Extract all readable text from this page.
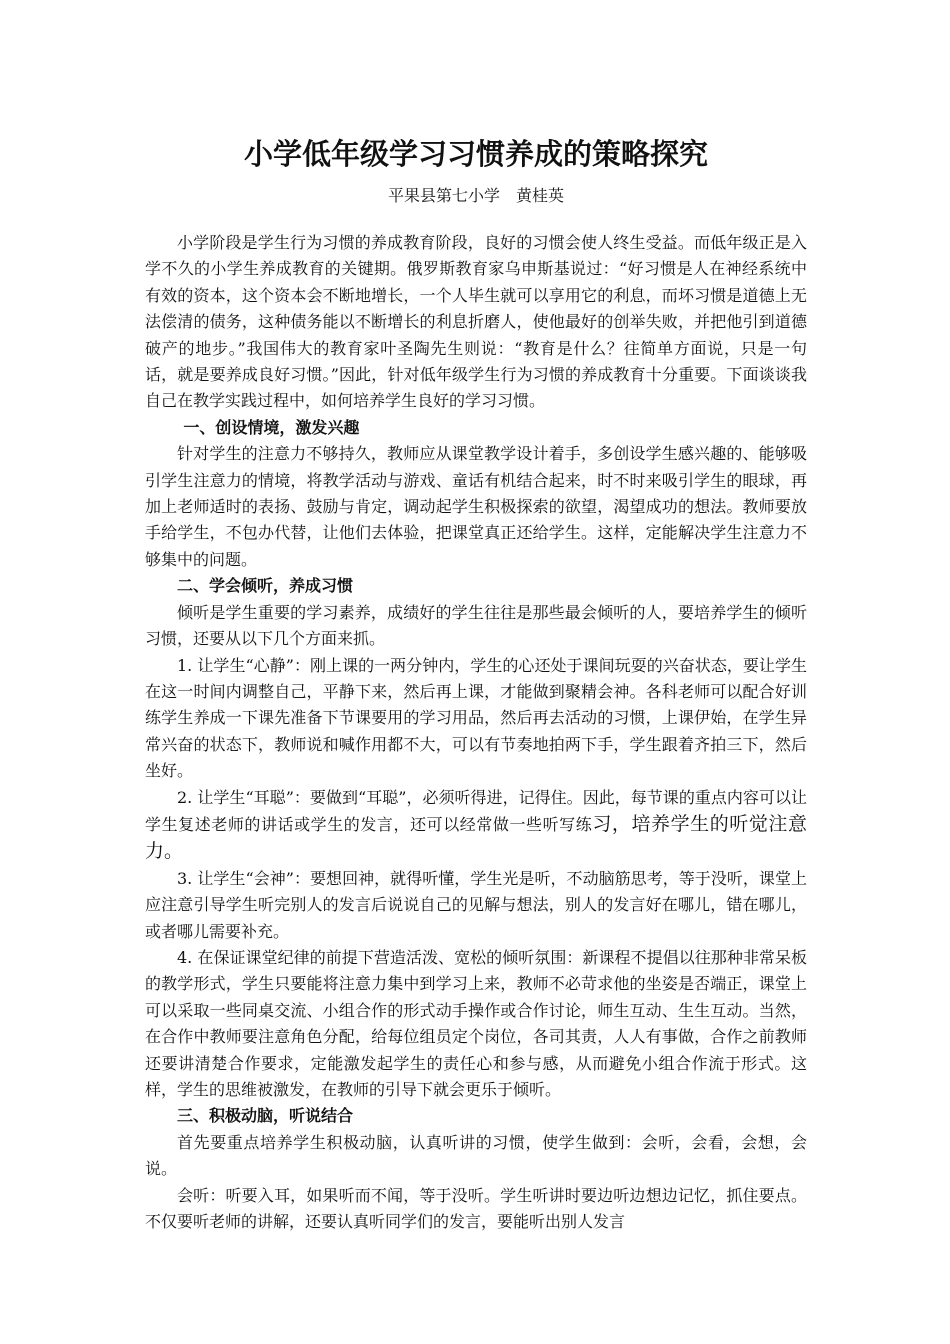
小学低年级学习习惯养成的策略探究
平果县第七小学　黄桂英

小学阶段是学生行为习惯的养成教育阶段，良好的习惯会使人终生受益。而低年级正是入学不久的小学生养成教育的关键期。俄罗斯教育家乌申斯基说过：“好习惯是人在神经系统中有效的资本，这个资本会不断地增长，一个人毕生就可以享用它的利息，而坏习惯是道德上无法偿清的债务，这种债务能以不断增长的利息折磨人，使他最好的创举失败，并把他引到道德破产的地步。”我国伟大的教育家叶圣陶先生则说：“教育是什么？往简单方面说，只是一句话，就是要养成良好习惯。”因此，针对低年级学生行为习惯的养成教育十分重要。下面谈谈我自己在教学实践过程中，如何培养学生良好的学习习惯。

一、创设情境，激发兴趣

针对学生的注意力不够持久，教师应从课堂教学设计着手，多创设学生感兴趣的、能够吸引学生注意力的情境，将教学活动与游戏、童话有机结合起来，时不时来吸引学生的眼球，再加上老师适时的表扬、鼓励与肯定，调动起学生积极探索的欲望，渴望成功的想法。教师要放手给学生，不包办代替，让他们去体验，把课堂真正还给学生。这样，定能解决学生注意力不够集中的问题。

二、学会倾听，养成习惯

倾听是学生重要的学习素养，成绩好的学生往往是那些最会倾听的人，要培养学生的倾听习惯，还要从以下几个方面来抓。

1. 让学生“心静”：刚上课的一两分钟内，学生的心还处于课间玩耍的兴奋状态，要让学生在这一时间内调整自己，平静下来，然后再上课，才能做到聚精会神。各科老师可以配合好训练学生养成一下课先准备下节课要用的学习用品，然后再去活动的习惯，上课伊始，在学生异常兴奋的状态下，教师说和喊作用都不大，可以有节奏地拍两下手，学生跟着齐拍三下，然后坐好。

2. 让学生“耳聪”：要做到“耳聪”，必须听得进，记得住。因此，每节课的重点内容可以让学生复述老师的讲话或学生的发言，还可以经常做一些听写练习，培养学生的听觉注意力。

3. 让学生“会神”：要想回神，就得听懂，学生光是听，不动脑筋思考，等于没听，课堂上应注意引导学生听完别人的发言后说说自己的见解与想法，别人的发言好在哪儿，错在哪儿，或者哪儿需要补充。

4. 在保证课堂纪律的前提下营造活泼、宽松的倾听氛围：新课程不提倡以往那种非常呆板的教学形式，学生只要能将注意力集中到学习上来，教师不必苛求他的坐姿是否端正，课堂上可以采取一些同桌交流、小组合作的形式动手操作或合作讨论，师生互动、生生互动。当然，在合作中教师要注意角色分配，给每位组员定个岗位，各司其责，人人有事做，合作之前教师还要讲清楚合作要求，定能激发起学生的责任心和参与感，从而避免小组合作流于形式。这样，学生的思维被激发，在教师的引导下就会更乐于倾听。

三、积极动脑，听说结合

首先要重点培养学生积极动脑，认真听讲的习惯，使学生做到：会听，会看，会想，会说。

会听：听要入耳，如果听而不闻，等于没听。学生听讲时要边听边想边记忆，抓住要点。不仅要听老师的讲解，还要认真听同学们的发言，要能听出别人发言
